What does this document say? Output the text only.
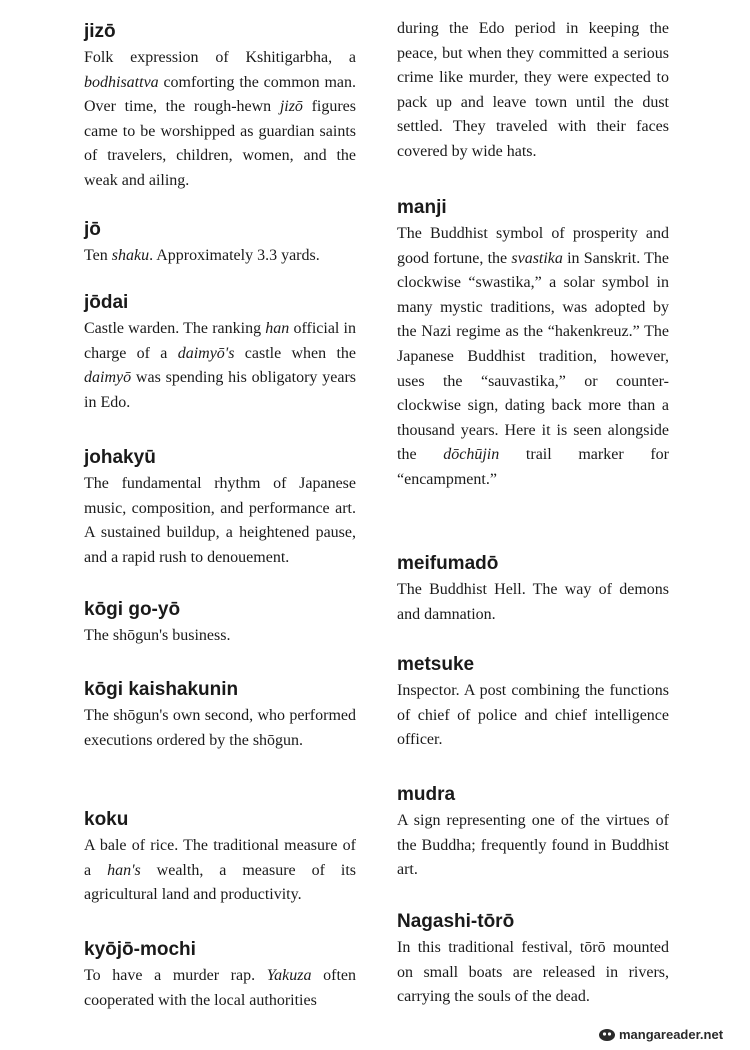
jizō

Folk expression of Kshitigarbha, a bodhisattva comforting the common man. Over time, the rough-hewn jizō figures came to be worshipped as guardian saints of travelers, children, women, and the weak and ailing.

jō

Ten shaku. Approximately 3.3 yards.

jōdai

Castle warden. The ranking han official in charge of a daimyō's castle when the daimyō was spending his obligatory years in Edo.

johakyū

The fundamental rhythm of Japanese music, composition, and performance art. A sustained buildup, a heightened pause, and a rapid rush to denouement.

kōgi go-yō

The shōgun's business.

kōgi kaishakunin

The shōgun's own second, who performed executions ordered by the shōgun.

koku

A bale of rice. The traditional measure of a han's wealth, a measure of its agricultural land and productivity.

kyōjō-mochi

To have a murder rap. Yakuza often cooperated with the local authorities

during the Edo period in keeping the peace, but when they committed a serious crime like murder, they were expected to pack up and leave town until the dust settled. They traveled with their faces covered by wide hats.

manji

The Buddhist symbol of prosperity and good fortune, the svastika in Sanskrit. The clockwise “swastika,” a solar symbol in many mystic traditions, was adopted by the Nazi regime as the “hakenkreuz.” The Japanese Buddhist tradition, however, uses the “sauvastika,” or counter-clockwise sign, dating back more than a thousand years. Here it is seen alongside the dōchūjin trail marker for “encampment.”

meifumadō

The Buddhist Hell. The way of demons and damnation.

metsuke

Inspector. A post combining the functions of chief of police and chief intelligence officer.

mudra

A sign representing one of the virtues of the Buddha; frequently found in Buddhist art.

Nagashi-tōrō

In this traditional festival, tōrō mounted on small boats are released in rivers, carrying the souls of the dead.

mangareader.net
